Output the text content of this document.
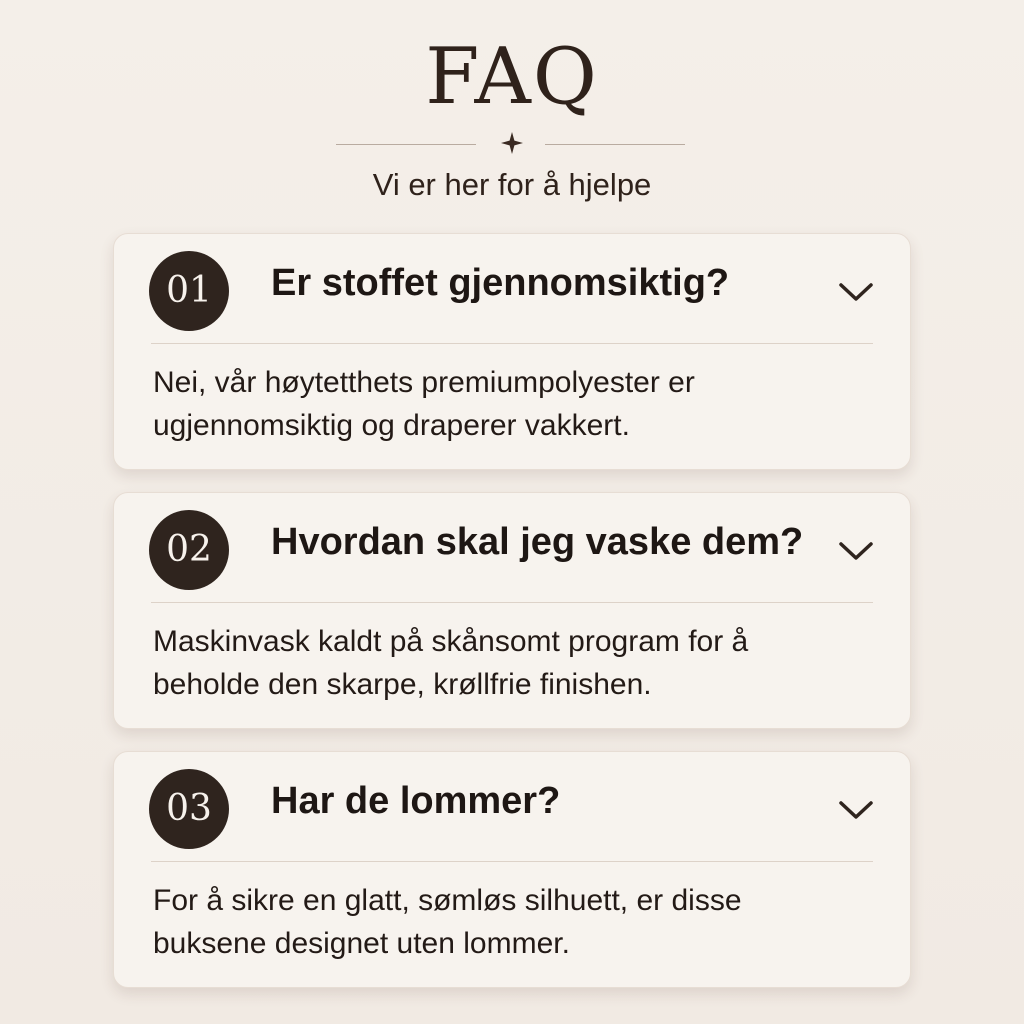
FAQ
Vi er her for å hjelpe
01	Er stoffet gjennomsiktig?
Nei, vår høytetthets premiumpolyester er ugjennomsiktig og draperer vakkert.
02	Hvordan skal jeg vaske dem?
Maskinvask kaldt på skånsomt program for å beholde den skarpe, krøllfrie finishen.
03	Har de lommer?
For å sikre en glatt, sømløs silhuett, er disse buksene designet uten lommer.
